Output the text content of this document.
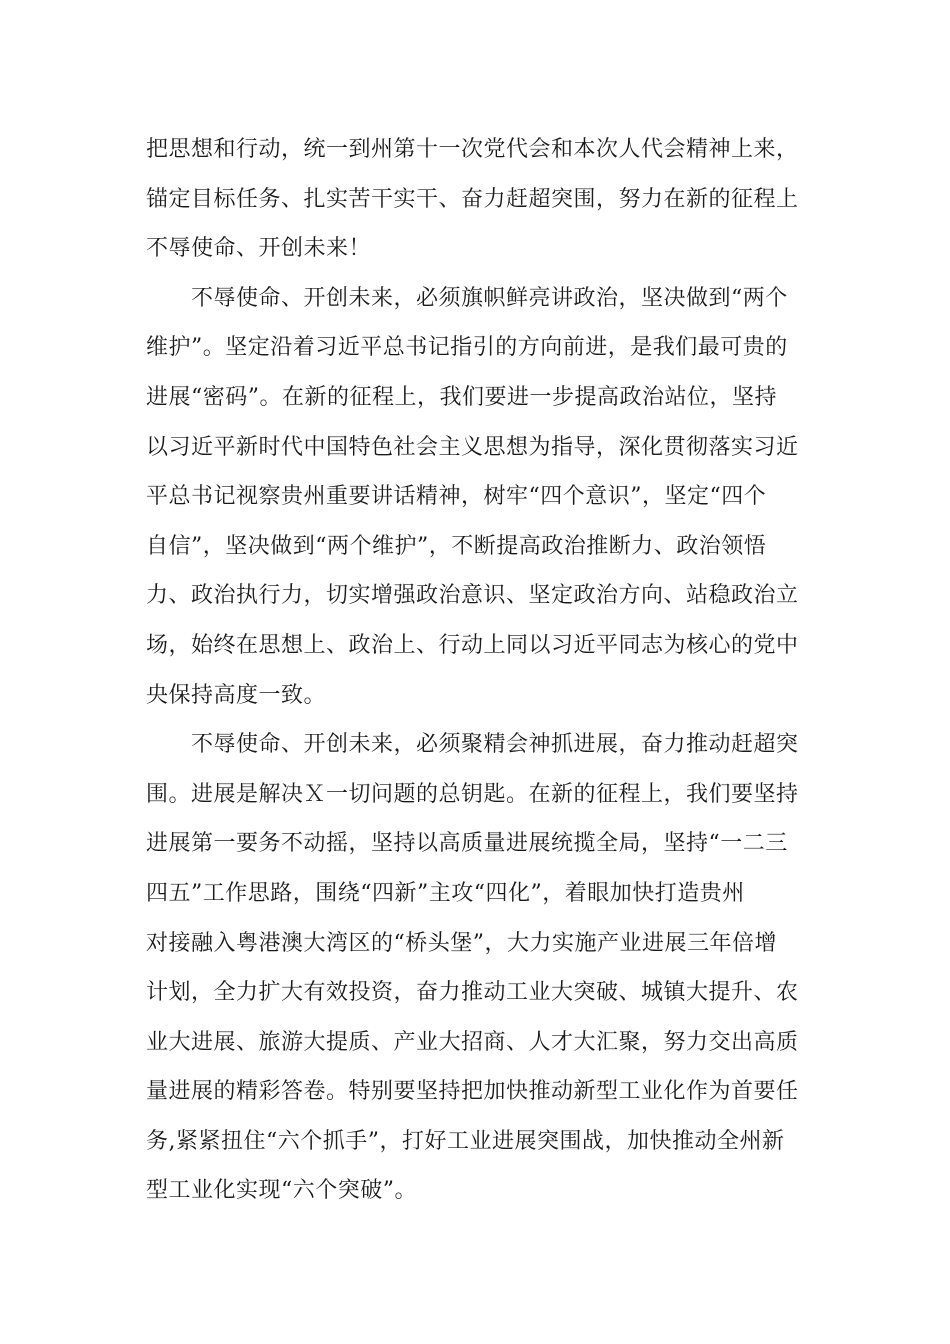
把思想和行动，统一到州第十一次党代会和本次人代会精神上来，
锚定目标任务、扎实苦干实干、奋力赶超突围，努力在新的征程上
不辱使命、开创未来！
　　不辱使命、开创未来，必须旗帜鲜亮讲政治，坚决做到“两个
维护”。坚定沿着习近平总书记指引的方向前进，是我们最可贵的
进展“密码”。在新的征程上，我们要进一步提高政治站位，坚持
以习近平新时代中国特色社会主义思想为指导，深化贯彻落实习近
平总书记视察贵州重要讲话精神，树牢“四个意识”，坚定“四个
自信”，坚决做到“两个维护”，不断提高政治推断力、政治领悟
力、政治执行力，切实增强政治意识、坚定政治方向、站稳政治立
场，始终在思想上、政治上、行动上同以习近平同志为核心的党中
央保持高度一致。
　　不辱使命、开创未来，必须聚精会神抓进展，奋力推动赶超突
围。进展是解决Ｘ一切问题的总钥匙。在新的征程上，我们要坚持
进展第一要务不动摇，坚持以高质量进展统揽全局，坚持“一二三
四五”工作思路，围绕“四新”主攻“四化”，着眼加快打造贵州
对接融入粤港澳大湾区的“桥头堡”，大力实施产业进展三年倍增
计划，全力扩大有效投资，奋力推动工业大突破、城镇大提升、农
业大进展、旅游大提质、产业大招商、人才大汇聚，努力交出高质
量进展的精彩答卷。特别要坚持把加快推动新型工业化作为首要任
务,紧紧扭住“六个抓手”，打好工业进展突围战，加快推动全州新
型工业化实现“六个突破”。
